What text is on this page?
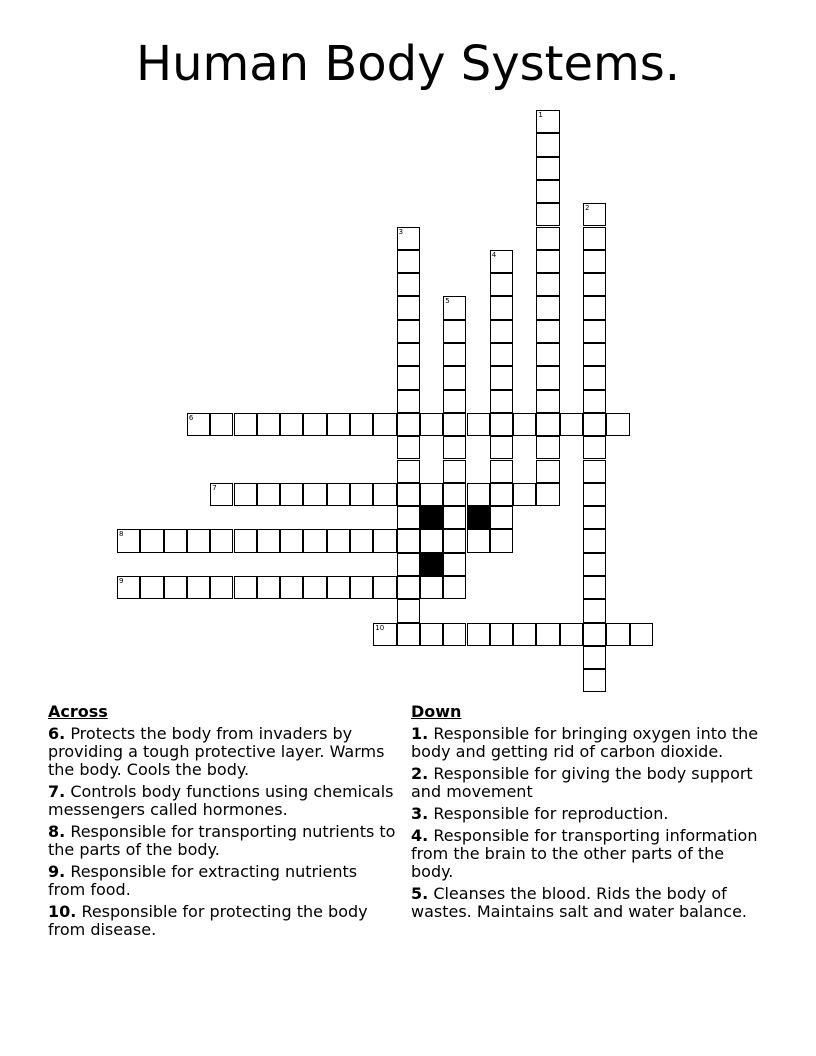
Human Body Systems.
1
2
3
4
5
6
7
8
9
10
Across
6. Protects the body from invaders by providing a tough protective layer. Warms the body. Cools the body.
7. Controls body functions using chemicals messengers called hormones.
8. Responsible for transporting nutrients to the parts of the body.
9. Responsible for extracting nutrients from food.
10. Responsible for protecting the body from disease.
Down
1. Responsible for bringing oxygen into the body and getting rid of carbon dioxide.
2. Responsible for giving the body support and movement
3. Responsible for reproduction.
4. Responsible for transporting information from the brain to the other parts of the body.
5. Cleanses the blood. Rids the body of wastes. Maintains salt and water balance.
